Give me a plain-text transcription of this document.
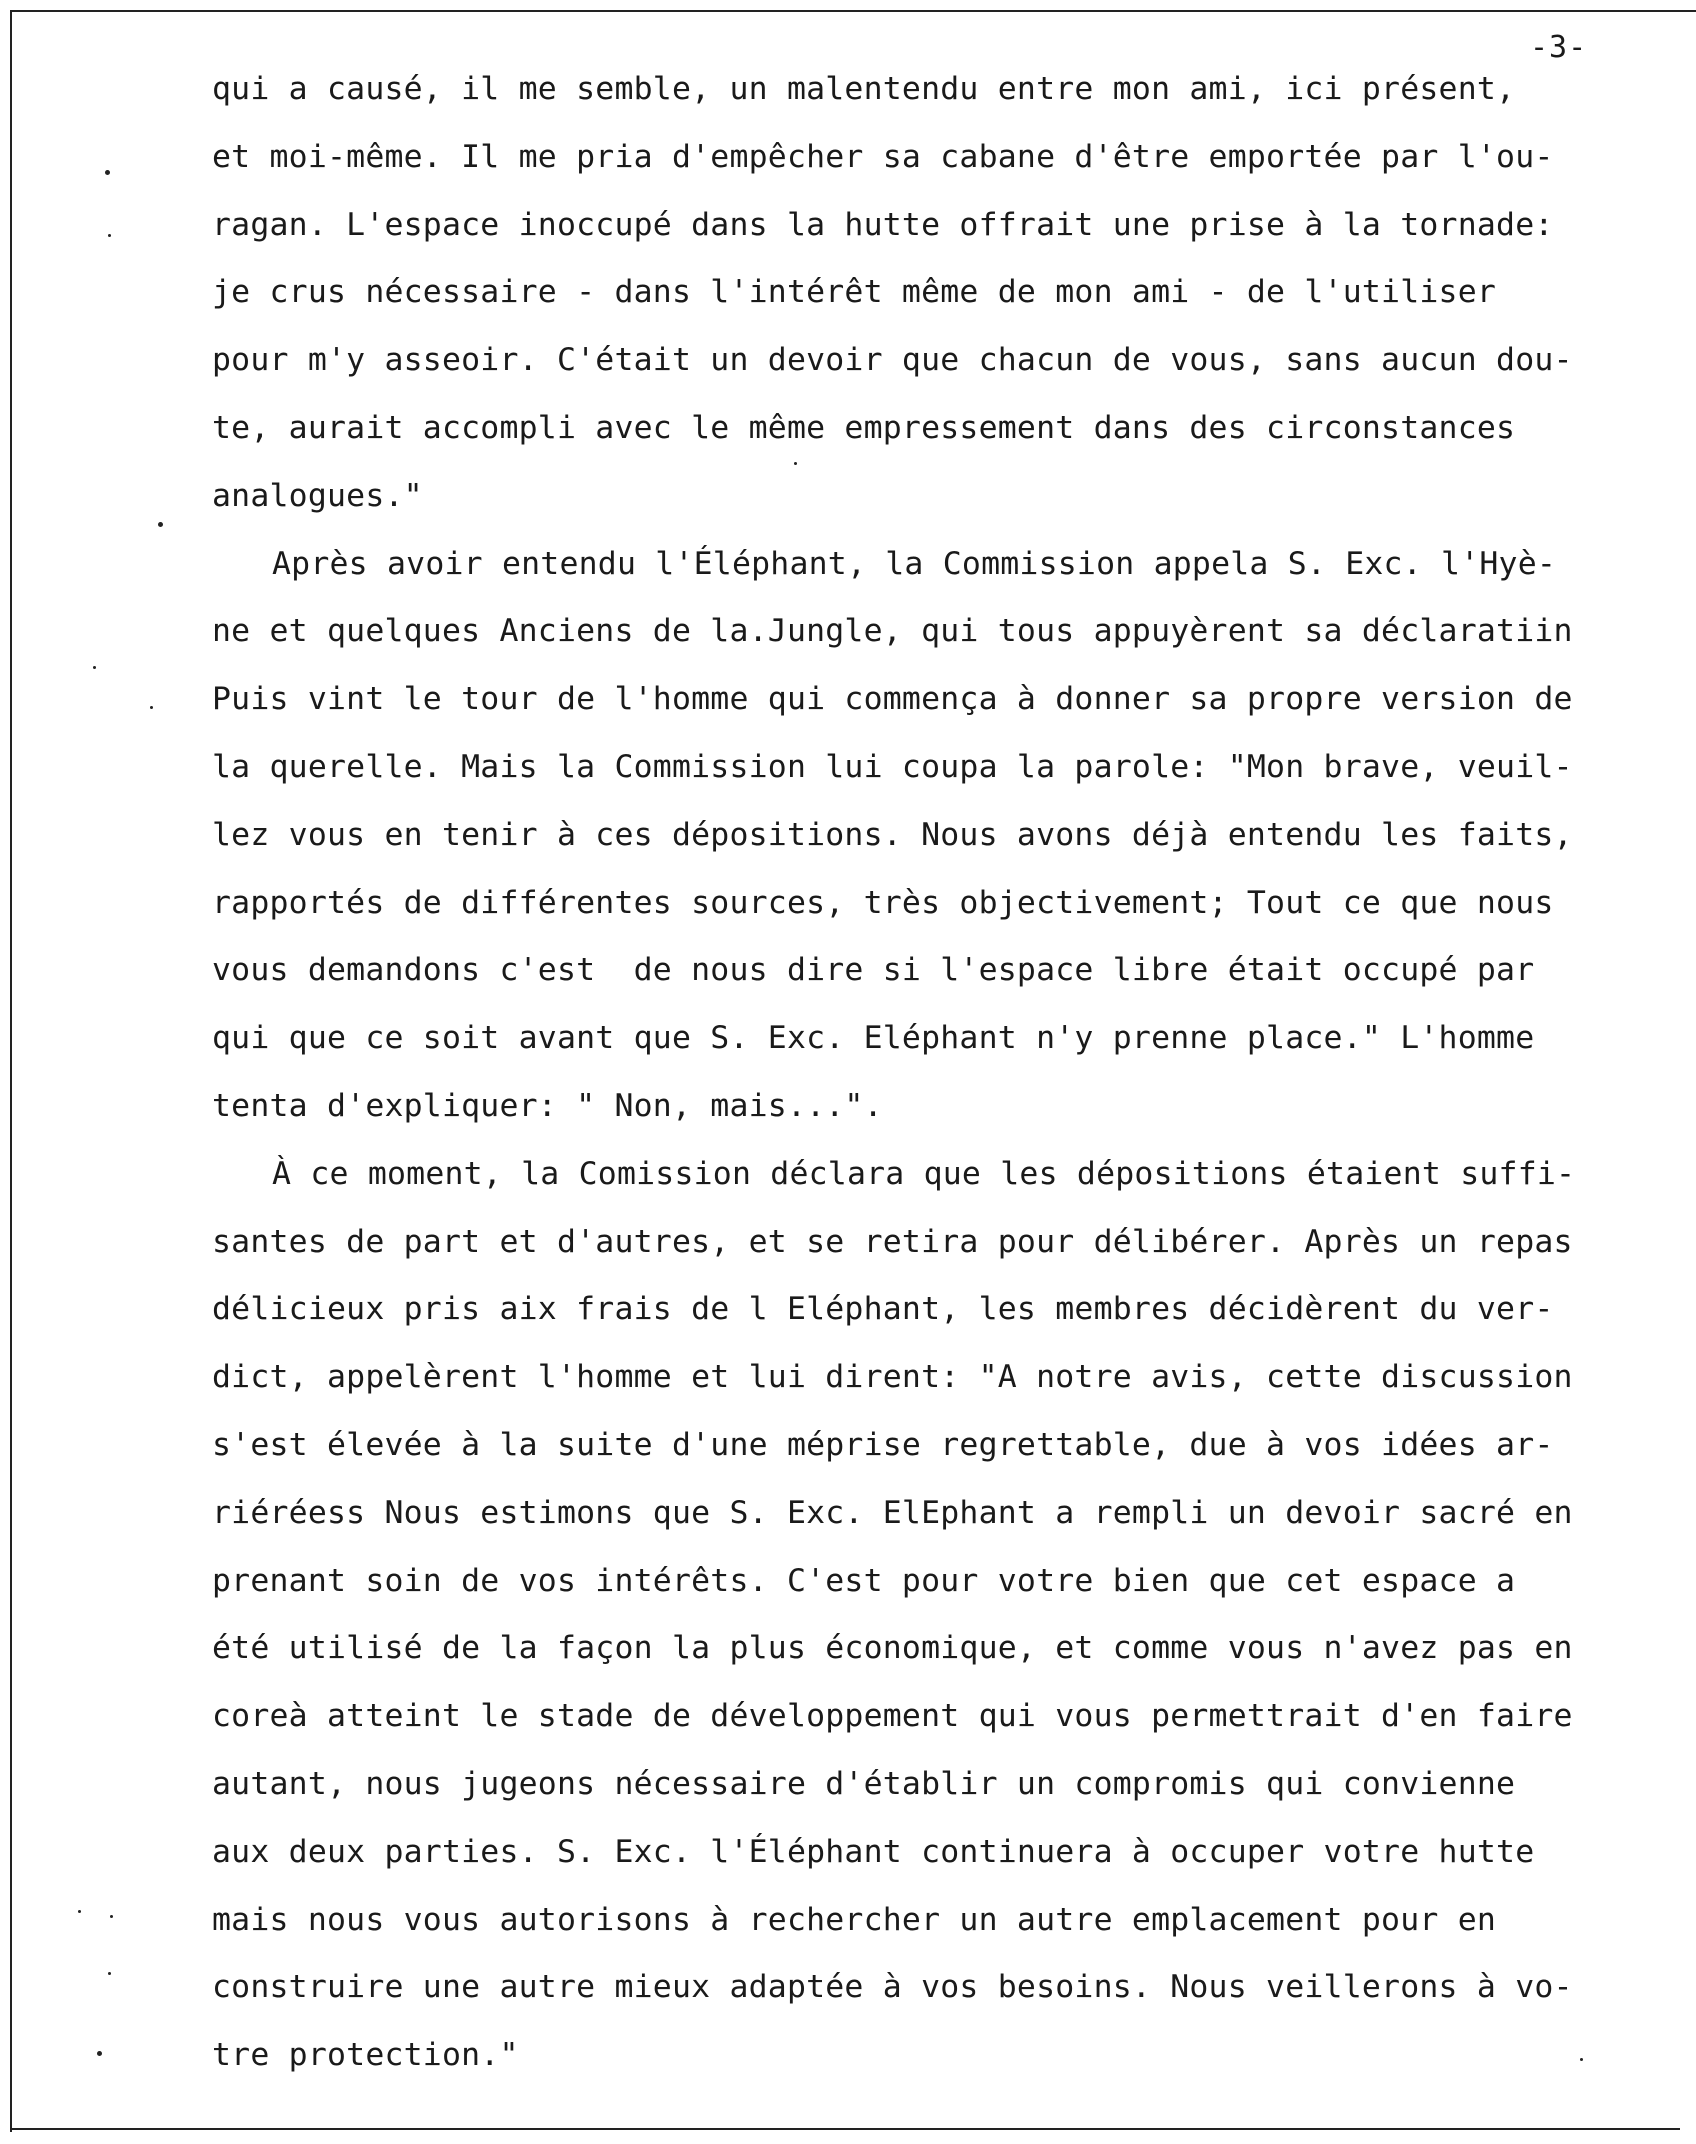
-3-
qui a causé, il me semble, un malentendu entre mon ami, ici présent,
et moi-même. Il me pria d'empêcher sa cabane d'être emportée par l'ou-
ragan. L'espace inoccupé dans la hutte offrait une prise à la tornade:
je crus nécessaire - dans l'intérêt même de mon ami - de l'utiliser
pour m'y asseoir. C'était un devoir que chacun de vous, sans aucun dou-
te, aurait accompli avec le même empressement dans des circonstances
analogues."
Après avoir entendu l'Éléphant, la Commission appela S. Exc. l'Hyè-
ne et quelques Anciens de la.Jungle, qui tous appuyèrent sa déclaratiin
Puis vint le tour de l'homme qui commença à donner sa propre version de
la querelle. Mais la Commission lui coupa la parole: "Mon brave, veuil-
lez vous en tenir à ces dépositions. Nous avons déjà entendu les faits,
rapportés de différentes sources, très objectivement; Tout ce que nous
vous demandons c'est  de nous dire si l'espace libre était occupé par
qui que ce soit avant que S. Exc. Eléphant n'y prenne place." L'homme
tenta d'expliquer: " Non, mais...".
À ce moment, la Comission déclara que les dépositions étaient suffi-
santes de part et d'autres, et se retira pour délibérer. Après un repas
délicieux pris aix frais de l Eléphant, les membres décidèrent du ver-
dict, appelèrent l'homme et lui dirent: "A notre avis, cette discussion
s'est élevée à la suite d'une méprise regrettable, due à vos idées ar-
riéréess Nous estimons que S. Exc. ElEphant a rempli un devoir sacré en
prenant soin de vos intérêts. C'est pour votre bien que cet espace a
été utilisé de la façon la plus économique, et comme vous n'avez pas en
coreà atteint le stade de développement qui vous permettrait d'en faire
autant, nous jugeons nécessaire d'établir un compromis qui convienne
aux deux parties. S. Exc. l'Éléphant continuera à occuper votre hutte
mais nous vous autorisons à rechercher un autre emplacement pour en
construire une autre mieux adaptée à vos besoins. Nous veillerons à vo-
tre protection."
